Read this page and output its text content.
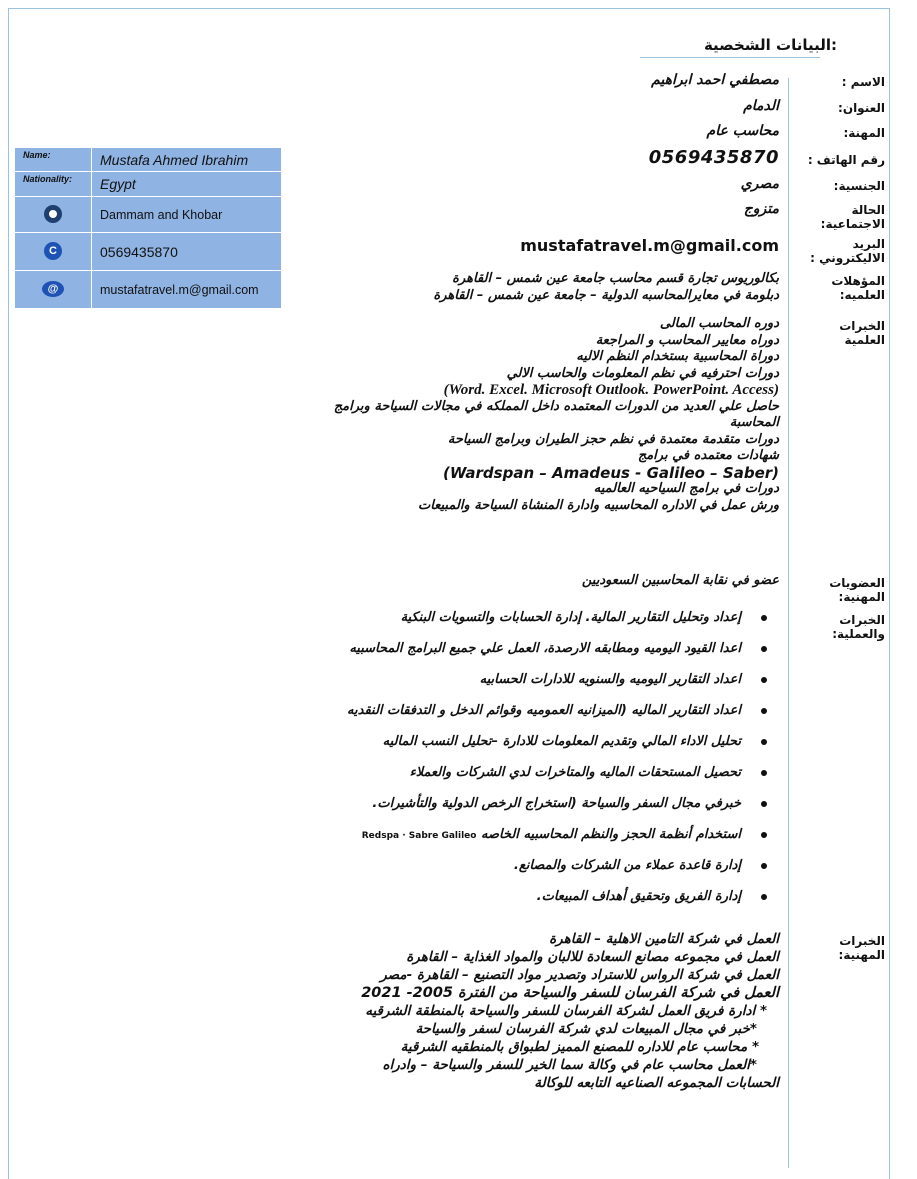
البيانات الشخصية:
الاسم :
مصطفي احمد ابراهيم
العنوان:
الدمام
المهنة:
محاسب عام
رقم الهاتف :
0569435870
الجنسية:
مصري
الحالة الاجتماعية:
متزوج
البريد الاليكتروني :
mustafatravel.m@gmail.com
المؤهلات العلميه:
بكالوريوس تجارة قسم محاسب جامعة عين شمس – القاهرة
دبلومة في معايرالمحاسبه الدولية – جامعة عين شمس – القاهرة
الخبرات العلمية
دوره المحاسب المالى
دوراه معايير المحاسب و المراجعة
دوراة المحاسبية بستخدام النظم الاليه
دورات احترفيه في نظم المعلومات والحاسب الالي
(Word. Excel. Microsoft Outlook. PowerPoint. Access)
حاصل علي العديد من الدورات المعتمده داخل المملكه في مجالات السياحة وبرامج
المحاسبة
دورات متقدمة معتمدة في نظم حجز الطيران وبرامج السياحة
شهادات معتمده في برامج
(Wardspan – Amadeus - Galileo – Saber)
دورات في برامج السياحيه العالميه
ورش عمل في الاداره المحاسبيه وادارة المنشاة السياحة والمبيعات
العضويات المهنية:
عضو في نقابة المحاسبين السعوديين
الخبرات والعملية:
إعداد وتحليل التقارير المالية. إدارة الحسابات والتسويات البنكية
اعدا القيود اليوميه ومطابقه الارصدة، العمل علي جميع البرامج المحاسبيه
اعداد التقارير اليوميه والسنويه للادارات الحسابيه
اعداد التقارير الماليه (الميزانيه العموميه وقوائم الدخل و التدفقات النقديه
تحليل الاداء المالي وتقديم المعلومات للادارة –تحليل النسب الماليه
تحصيل المستحقات الماليه والمتاخرات لدي الشركات والعملاء
خبرفي مجال السفر والسياحة (استخراج الرخص الدولية والتأشيرات.
استخدام أنظمة الحجز والنظم المحاسبيه الخاصه Redspa · Sabre Galileo
إدارة قاعدة عملاء من الشركات والمصانع.
إدارة الفريق وتحقيق أهداف المبيعات.
الخبرات المهنية:
العمل في شركة التامين الاهلية – القاهرة
العمل في مجموعه مصانع السعادة للالبان والمواد الغذاية – القاهرة
العمل في شركة الرواس للاستراد وتصدير مواد التصنيع – القاهرة -مصر
العمل في شركة الفرسان للسفر والسياحة من الفترة 2005- 2021
* ادارة فريق العمل لشركة الفرسان للسفر والسياحة بالمنطقة الشرقيه
*خبر في مجال المبيعات لدي شركة الفرسان لسفر والسياحة
* محاسب عام للاداره للمصنع المميز لطبواق بالمنطقيه الشرقية
*العمل محاسب عام في وكالة سما الخير للسفر والسياحة – وادراه
الحسابات المجموعه الصناعيه التابعه للوكالة
Name:	Mustafa Ahmed Ibrahim
Nationality:	Egypt

	Dammam and Khobar
C	0569435870
@	mustafatravel.m@gmail.com
